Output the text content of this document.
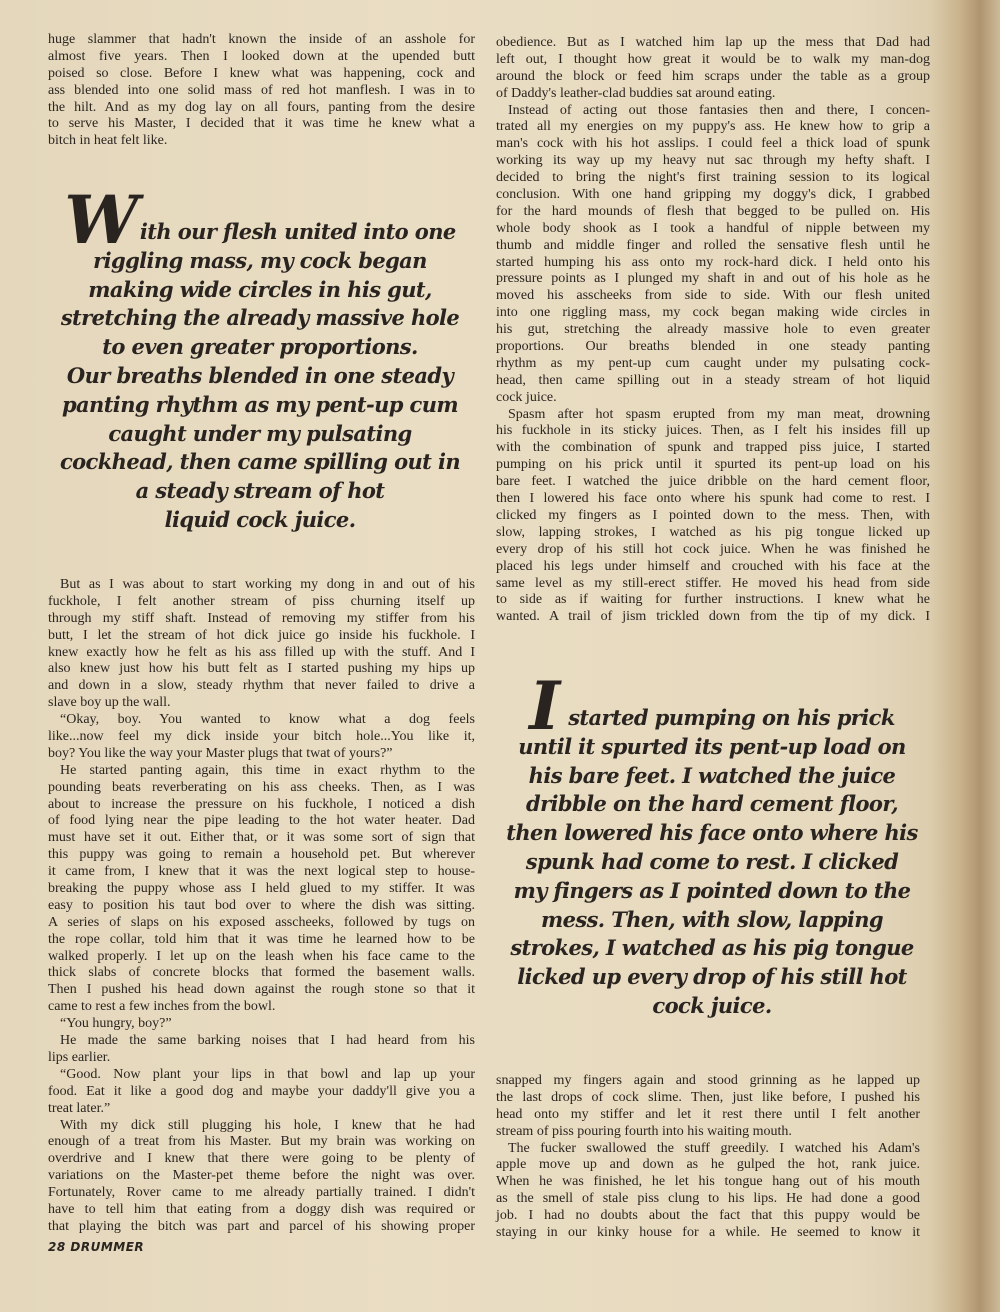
huge slammer that hadn't known the inside of an asshole for
almost five years. Then I looked down at the upended butt
poised so close. Before I knew what was happening, cock and
ass blended into one solid mass of red hot manflesh. I was in to
the hilt. And as my dog lay on all fours, panting from the desire
to serve his Master, I decided that it was time he knew what a
bitch in heat felt like.
With our flesh united into one
riggling mass, my cock began
making wide circles in his gut,
stretching the already massive hole
to even greater proportions.
Our breaths blended in one steady
panting rhythm as my pent-up cum
caught under my pulsating
cockhead, then came spilling out in
a steady stream of hot
liquid cock juice.
But as I was about to start working my dong in and out of his
fuckhole, I felt another stream of piss churning itself up
through my stiff shaft. Instead of removing my stiffer from his
butt, I let the stream of hot dick juice go inside his fuckhole. I
knew exactly how he felt as his ass filled up with the stuff. And I
also knew just how his butt felt as I started pushing my hips up
and down in a slow, steady rhythm that never failed to drive a
slave boy up the wall.
“Okay, boy. You wanted to know what a dog feels
like...now feel my dick inside your bitch hole...You like it,
boy? You like the way your Master plugs that twat of yours?”
He started panting again, this time in exact rhythm to the
pounding beats reverberating on his ass cheeks. Then, as I was
about to increase the pressure on his fuckhole, I noticed a dish
of food lying near the pipe leading to the hot water heater. Dad
must have set it out. Either that, or it was some sort of sign that
this puppy was going to remain a household pet. But wherever
it came from, I knew that it was the next logical step to house-
breaking the puppy whose ass I held glued to my stiffer. It was
easy to position his taut bod over to where the dish was sitting.
A series of slaps on his exposed asscheeks, followed by tugs on
the rope collar, told him that it was time he learned how to be
walked properly. I let up on the leash when his face came to the
thick slabs of concrete blocks that formed the basement walls.
Then I pushed his head down against the rough stone so that it
came to rest a few inches from the bowl.
“You hungry, boy?”
He made the same barking noises that I had heard from his
lips earlier.
“Good. Now plant your lips in that bowl and lap up your
food. Eat it like a good dog and maybe your daddy'll give you a
treat later.”
With my dick still plugging his hole, I knew that he had
enough of a treat from his Master. But my brain was working on
overdrive and I knew that there were going to be plenty of
variations on the Master-pet theme before the night was over.
Fortunately, Rover came to me already partially trained. I didn't
have to tell him that eating from a doggy dish was required or
that playing the bitch was part and parcel of his showing proper
obedience. But as I watched him lap up the mess that Dad had
left out, I thought how great it would be to walk my man-dog
around the block or feed him scraps under the table as a group
of Daddy's leather-clad buddies sat around eating.
Instead of acting out those fantasies then and there, I concen-
trated all my energies on my puppy's ass. He knew how to grip a
man's cock with his hot asslips. I could feel a thick load of spunk
working its way up my heavy nut sac through my hefty shaft. I
decided to bring the night's first training session to its logical
conclusion. With one hand gripping my doggy's dick, I grabbed
for the hard mounds of flesh that begged to be pulled on. His
whole body shook as I took a handful of nipple between my
thumb and middle finger and rolled the sensative flesh until he
started humping his ass onto my rock-hard dick. I held onto his
pressure points as I plunged my shaft in and out of his hole as he
moved his asscheeks from side to side. With our flesh united
into one riggling mass, my cock began making wide circles in
his gut, stretching the already massive hole to even greater
proportions. Our breaths blended in one steady panting
rhythm as my pent-up cum caught under my pulsating cock-
head, then came spilling out in a steady stream of hot liquid
cock juice.
Spasm after hot spasm erupted from my man meat, drowning
his fuckhole in its sticky juices. Then, as I felt his insides fill up
with the combination of spunk and trapped piss juice, I started
pumping on his prick until it spurted its pent-up load on his
bare feet. I watched the juice dribble on the hard cement floor,
then I lowered his face onto where his spunk had come to rest. I
clicked my fingers as I pointed down to the mess. Then, with
slow, lapping strokes, I watched as his pig tongue licked up
every drop of his still hot cock juice. When he was finished he
placed his legs under himself and crouched with his face at the
same level as my still-erect stiffer. He moved his head from side
to side as if waiting for further instructions. I knew what he
wanted. A trail of jism trickled down from the tip of my dick. I
I started pumping on his prick
until it spurted its pent-up load on
his bare feet. I watched the juice
dribble on the hard cement floor,
then lowered his face onto where his
spunk had come to rest. I clicked
my fingers as I pointed down to the
mess. Then, with slow, lapping
strokes, I watched as his pig tongue
licked up every drop of his still hot
cock juice.
snapped my fingers again and stood grinning as he lapped up
the last drops of cock slime. Then, just like before, I pushed his
head onto my stiffer and let it rest there until I felt another
stream of piss pouring fourth into his waiting mouth.
The fucker swallowed the stuff greedily. I watched his Adam's
apple move up and down as he gulped the hot, rank juice.
When he was finished, he let his tongue hang out of his mouth
as the smell of stale piss clung to his lips. He had done a good
job. I had no doubts about the fact that this puppy would be
staying in our kinky house for a while. He seemed to know it
28 DRUMMER
